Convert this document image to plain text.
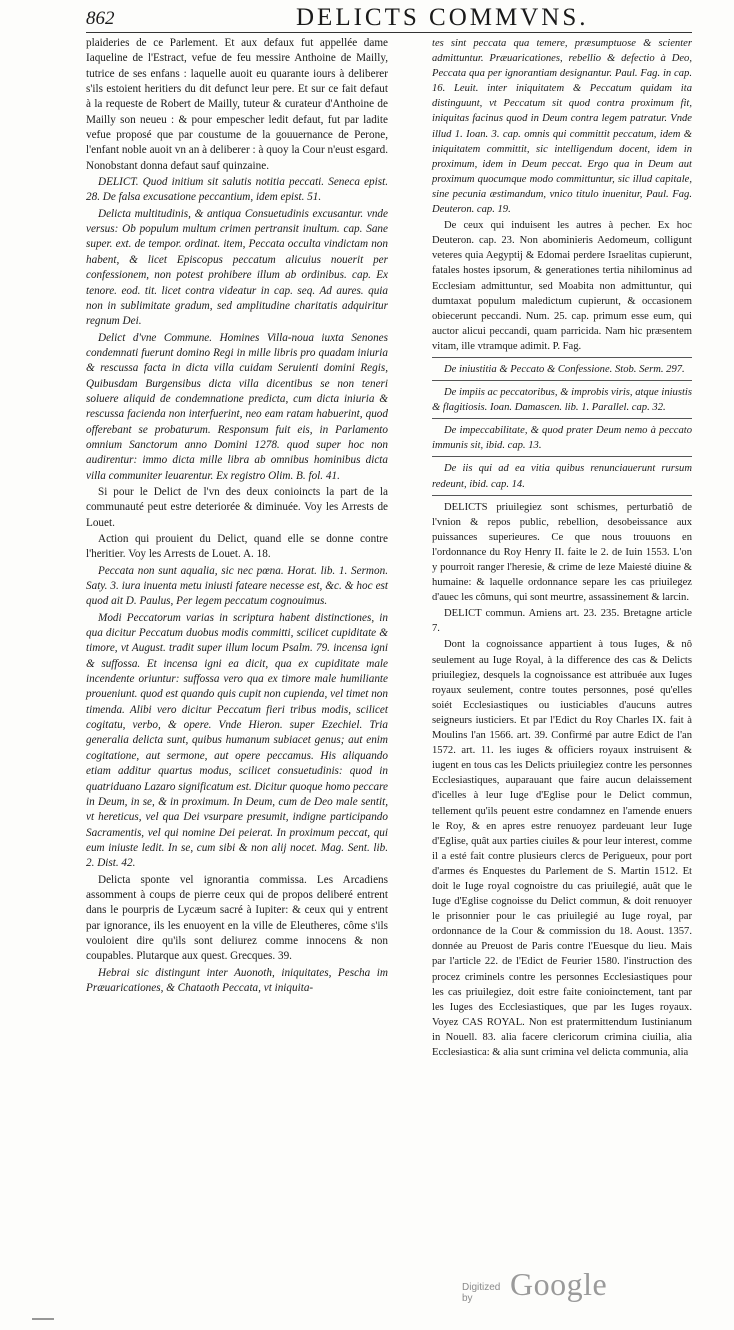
862	DELICTS COMMVNS.

plaideries de ce Parlement. Et aux defaux fut appellée dame Iaqueline de l'Estract, vefue de feu messire Anthoine de Mailly, tutrice de ses enfans : laquelle auoit eu quarante iours à deliberer s'ils estoient heritiers du dit defunct leur pere. Et sur ce fait defaut à la requeste de Robert de Mailly, tuteur & curateur d'Anthoine de Mailly son neueu : & pour empescher ledit defaut, fut par ladite vefue proposé que par coustume de la gouuernance de Perone, l'enfant noble auoit vn an à deliberer : à quoy la Cour n'eust esgard. Nonobstant donna defaut sauf quinzaine.

DELICT. Quod initium sit salutis notitia peccati. Seneca epist. 28. De falsa excusatione peccantium, idem epist. 51.

Delicta multitudinis, & antiqua Consuetudinis excusantur. vnde versus: Ob populum multum crimen pertransit inultum. cap. Sane super. ext. de tempor. ordinat. item, Peccata occulta vindictam non habent, & licet Episcopus peccatum alicuius nouerit per confessionem, non potest prohibere illum ab ordinibus. cap. Ex tenore. eod. tit. licet contra videatur in cap. seq. Ad aures. quia non in sublimitate gradum, sed amplitudine charitatis adquiritur regnum Dei.

Delict d'vne Commune. Homines Villa-noua iuxta Senones condemnati fuerunt domino Regi in mille libris pro quadam iniuria & rescussa facta in dicta villa cuidam Seruienti domini Regis, Quibusdam Burgensibus dicta villa dicentibus se non teneri soluere aliquid de condemnatione predicta, cum dicta iniuria & rescussa facienda non interfuerint, neo eam ratam habuerint, quod offerebant se probaturum. Responsum fuit eis, in Parlamento omnium Sanctorum anno Domini 1278. quod super hoc non audirentur: immo dicta mille libra ab omnibus hominibus dicta villa communiter leuarentur. Ex registro Olim. B. fol. 41.

Si pour le Delict de l'vn des deux conioincts la part de la communauté peut estre deteriorée & diminuée. Voy les Arrests de Louet.

Action qui prouient du Delict, quand elle se donne contre l'heritier. Voy les Arrests de Louet. A. 18.

Peccata non sunt aqualia, sic nec pœna. Horat. lib. 1. Sermon. Saty. 3. iura inuenta metu iniusti fateare necesse est, &c. & hoc est quod ait D. Paulus, Per legem peccatum cognouimus.

Modi Peccatorum varias in scriptura habent distinctiones, in qua dicitur Peccatum duobus modis committi, scilicet cupiditate & timore, vt August. tradit super illum locum Psalm. 79. incensa igni & suffossa. Et incensa igni ea dicit, qua ex cupiditate male incendente oriuntur: suffossa vero qua ex timore male humiliante proueniunt. quod est quando quis cupit non cupienda, vel timet non timenda. Alibi vero dicitur Peccatum fieri tribus modis, scilicet cogitatu, verbo, & opere. Vnde Hieron. super Ezechiel. Tria generalia delicta sunt, quibus humanum subiacet genus; aut enim cogitatione, aut sermone, aut opere peccamus. His aliquando etiam additur quartus modus, scilicet consuetudinis: quod in quatriduano Lazaro significatum est. Dicitur quoque homo peccare in Deum, in se, & in proximum. In Deum, cum de Deo male sentit, vt hereticus, vel qua Dei vsurpare presumit, indigne participando Sacramentis, vel qui nomine Dei peierat. In proximum peccat, qui eum iniuste ledit. In se, cum sibi & non alij nocet. Mag. Sent. lib. 2. Dist. 42.

Delicta sponte vel ignorantia commissa. Les Arcadiens assomment à coups de pierre ceux qui de propos deliberé entrent dans le pourpris de Lycæum sacré à Iupiter: & ceux qui y entrent par ignorance, ils les enuoyent en la ville de Eleutheres, côme s'ils vouloient dire qu'ils sont deliurez comme innocens & non coupables. Plutarque aux quest. Grecques. 39.

Hebrai sic distingunt inter Auonoth, iniquitates, Pescha im Præuaricationes, & Chataoth Peccata, vt iniquita-

tes sint peccata qua temere, præsumptuose & scienter admittuntur. Præuaricationes, rebellio & defectio à Deo, Peccata qua per ignorantiam designantur. Paul. Fag. in cap. 16. Leuit. inter iniquitatem & Peccatum quidam ita distinguunt, vt Peccatum sit quod contra proximum fit, iniquitas facinus quod in Deum contra legem patratur. Vnde illud 1. Ioan. 3. cap. omnis qui committit peccatum, idem & iniquitatem committit, sic intelligendum docent, idem in proximum, idem in Deum peccat. Ergo qua in Deum aut proximum quocumque modo committuntur, sic illud capitale, sine pecunia æstimandum, vnico titulo inuenitur, Paul. Fag. Deuteron. cap. 19.

De ceux qui induisent les autres à pecher. Ex hoc Deuteron. cap. 23. Non abominieris Aedomeum, colligunt veteres quia Aegyptij & Edomai perdere Israelitas cupierunt, fatales hostes ipsorum, & generationes tertia nihilominus ad Ecclesiam admittuntur, sed Moabita non admittuntur, qui dumtaxat populum maledictum cupierunt, & occasionem obiecerunt peccandi. Num. 25. cap. primum esse eum, qui auctor alicui peccandi, quam parricida. Nam hic præsentem vitam, ille vtramque adimit. P. Fag.

De iniustitia & Peccato & Confessione. Stob. Serm. 297.

De impiis ac peccatoribus, & improbis viris, atque iniustis & flagitiosis. Ioan. Damascen. lib. 1. Parallel. cap. 32.

De impeccabilitate, & quod prater Deum nemo à peccato immunis sit, ibid. cap. 13.

De iis qui ad ea vitia quibus renunciauerunt rursum redeunt, ibid. cap. 14.

DELICTS priuilegiez sont schismes, perturbatiô de l'vnion & repos public, rebellion, desobeissance aux puissances superieures. Ce que nous trouuons en l'ordonnance du Roy Henry II. faite le 2. de Iuin 1553. L'on y pourroit ranger l'heresie, & crime de leze Maiesté diuine & humaine: & laquelle ordonnance separe les cas priuilegez d'auec les cômuns, qui sont meurtre, assassinement & larcin.

DELICT commun. Amiens art. 23. 235. Bretagne article 7.

Dont la cognoissance appartient à tous Iuges, & nô seulement au Iuge Royal, à la difference des cas & Delicts priuilegiez, desquels la cognoissance est attribuée aux Iuges royaux seulement, contre toutes personnes, posé qu'elles soiét Ecclesiastiques ou iusticiables d'aucuns autres seigneurs iusticiers. Et par l'Edict du Roy Charles IX. fait à Moulins l'an 1566. art. 39. Confirmé par autre Edict de l'an 1572. art. 11. les iuges & officiers royaux instruisent & iugent en tous cas les Delicts priuilegiez contre les personnes Ecclesiastiques, auparauant que faire aucun delaissement d'icelles à leur Iuge d'Eglise pour le Delict commun, tellement qu'ils peuent estre condamnez en l'amende enuers le Roy, & en apres estre renuoyez pardeuant leur Iuge d'Eglise, quât aux parties ciuiles & pour leur interest, comme il a esté fait contre plusieurs clercs de Perigueux, pour port d'armes és Enquestes du Parlement de S. Martin 1512. Et doit le Iuge royal cognoistre du cas priuilegié, auât que le Iuge d'Eglise cognoisse du Delict commun, & doit renuoyer le prisonnier pour le cas priuilegié au Iuge royal, par ordonnance de la Cour & commission du 18. Aoust. 1357. donnée au Preuost de Paris contre l'Euesque du lieu. Mais par l'article 22. de l'Edict de Feurier 1580. l'instruction des procez criminels contre les personnes Ecclesiastiques pour les cas priuilegiez, doit estre faite conioinctement, tant par les Iuges des Ecclesiastiques, que par les Iuges royaux. Voyez CAS ROYAL. Non est pratermittendum Iustinianum in Nouell. 83. alia facere clericorum crimina ciuilia, alia Ecclesiastica: & alia sunt crimina vel delicta communia, alia

Digitized by	Google
